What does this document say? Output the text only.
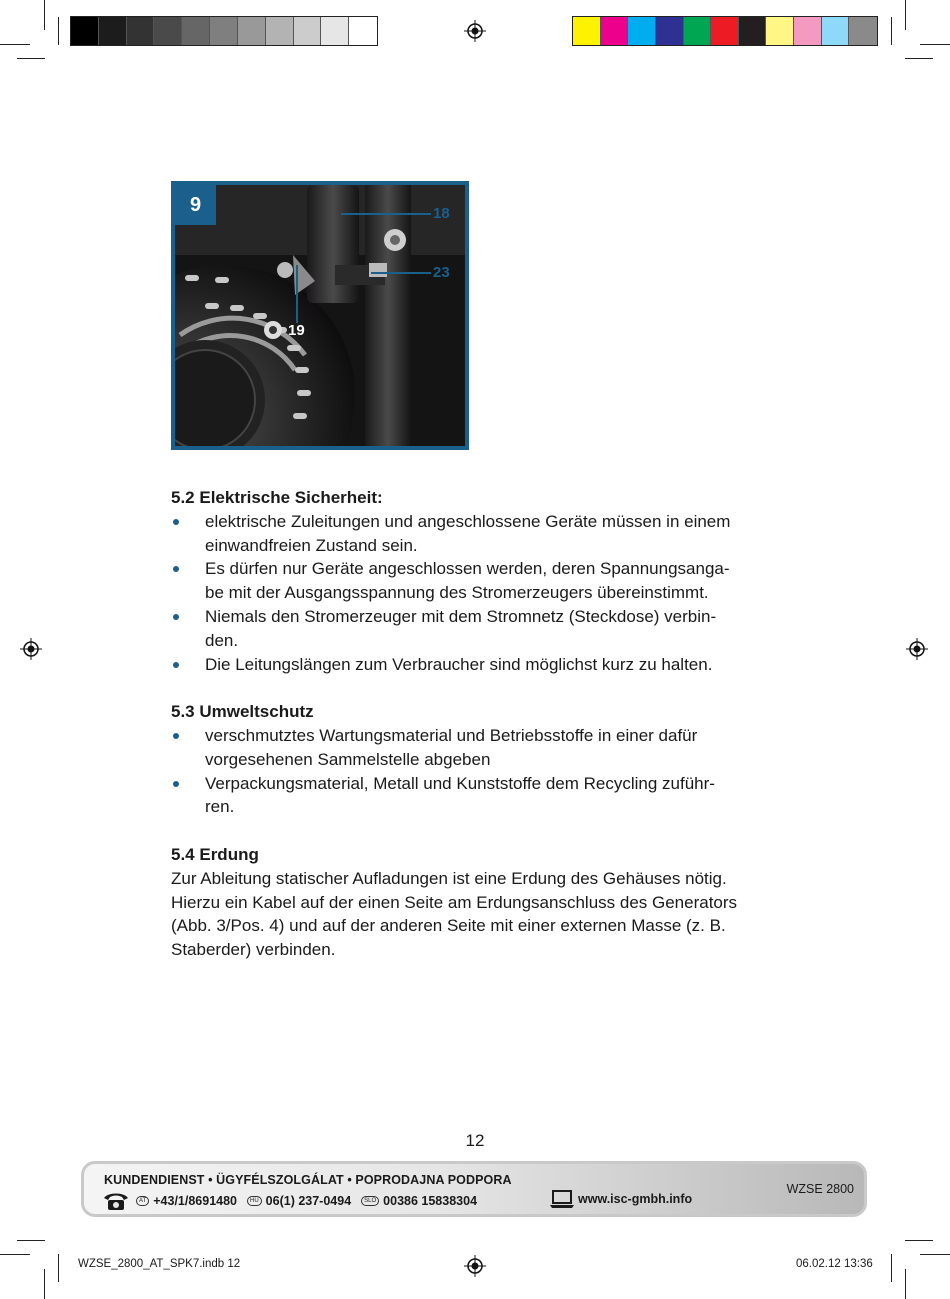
9	18
23
19
5.2 Elektrische Sicherheit:
elektrische Zuleitungen und angeschlossene Geräte müssen in einem
einwandfreien Zustand sein.
Es dürfen nur Geräte angeschlossen werden, deren Spannungsanga-
be mit der Ausgangsspannung des Stromerzeugers übereinstimmt.
Niemals den Stromerzeuger mit dem Stromnetz (Steckdose) verbin-
den.
Die Leitungslängen zum Verbraucher sind möglichst kurz zu halten.
5.3 Umweltschutz
verschmutztes Wartungsmaterial und Betriebsstoffe in einer dafür
vorgesehenen Sammelstelle abgeben
Verpackungsmaterial, Metall und Kunststoffe dem Recycling zuführ-
ren.
5.4 Erdung

Zur Ableitung statischer Aufladungen ist eine Erdung des Gehäuses nötig.
Hierzu ein Kabel auf der einen Seite am Erdungsanschluss des Generators
(Abb. 3/Pos. 4) und auf der anderen Seite mit einer externen Masse (z. B.
Staberder) verbinden.

12
KUNDENDIENST • ÜGYFÉLSZOLGÁLAT • POPRODAJNA PODPORA
AT +43/1/8691480	HU 06(1) 237-0494	SLO 00386 15838304	www.isc-gmbh.info
WZSE 2800
WZSE_2800_AT_SPK7.indb 12	06.02.12 13:36
